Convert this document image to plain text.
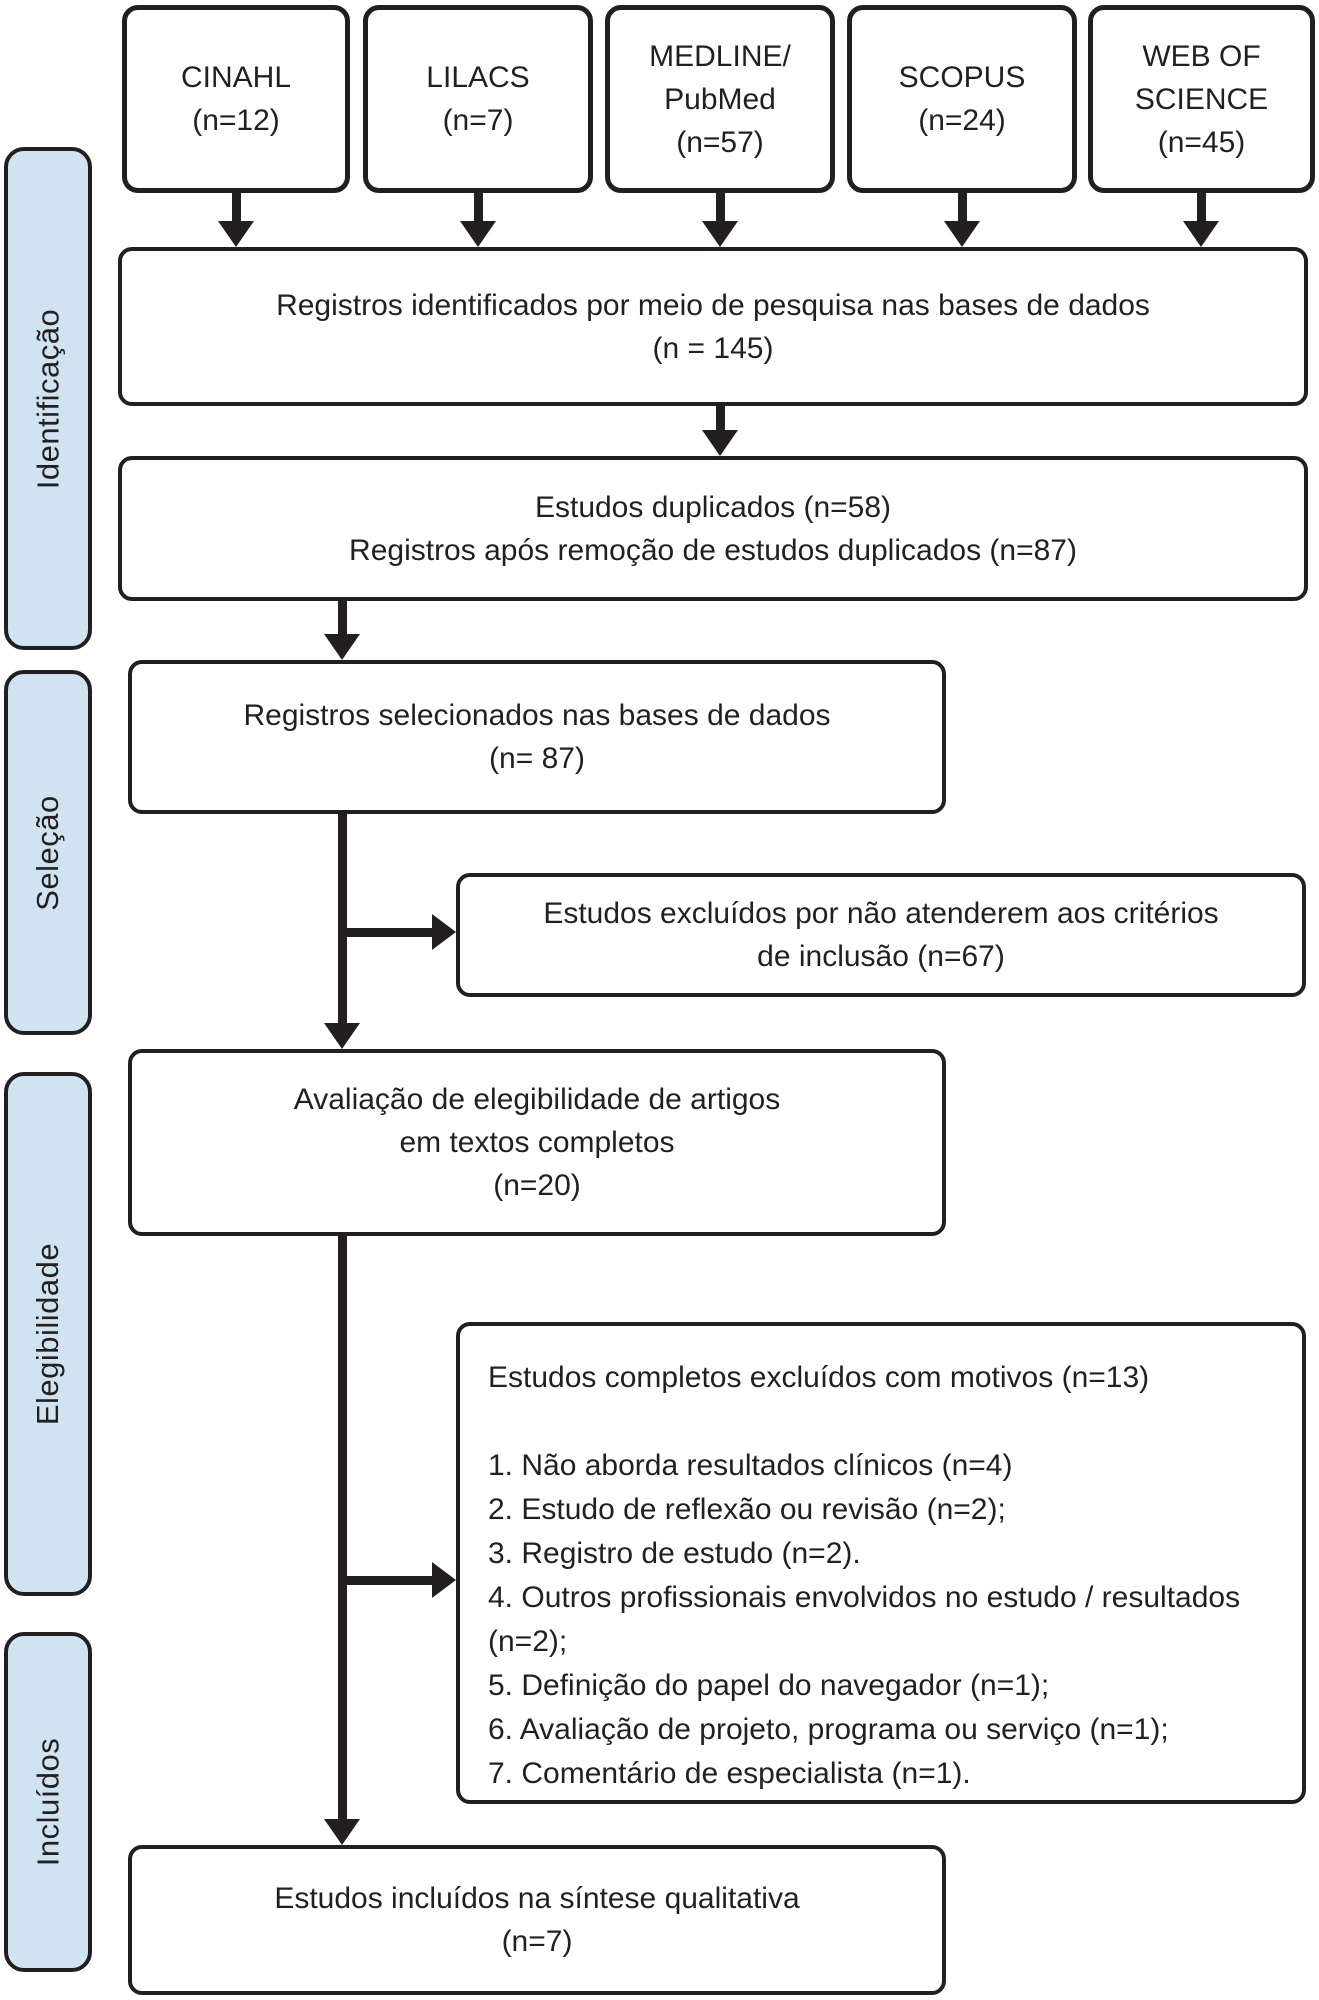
Identificação
Seleção
Elegibilidade
Incluídos
CINAHL
(n=12)
LILACS
(n=7)
MEDLINE/
PubMed
(n=57)
SCOPUS
(n=24)
WEB OF
SCIENCE
(n=45)
Registros identificados por meio de pesquisa nas bases de dados
(n = 145)
Estudos duplicados (n=58)
Registros após remoção de estudos duplicados (n=87)
Registros selecionados nas bases de dados
(n= 87)
Estudos excluídos por não atenderem aos critérios
de inclusão (n=67)
Avaliação de elegibilidade de artigos
em textos completos
(n=20)
Estudos completos excluídos com motivos (n=13)
1. Não aborda resultados clínicos (n=4)
2. Estudo de reflexão ou revisão (n=2);
3. Registro de estudo (n=2).
4. Outros profissionais envolvidos no estudo / resultados (n=2);
5. Definição do papel do navegador (n=1);
6. Avaliação de projeto, programa ou serviço (n=1);
7. Comentário de especialista (n=1).
Estudos incluídos na síntese qualitativa
(n=7)
